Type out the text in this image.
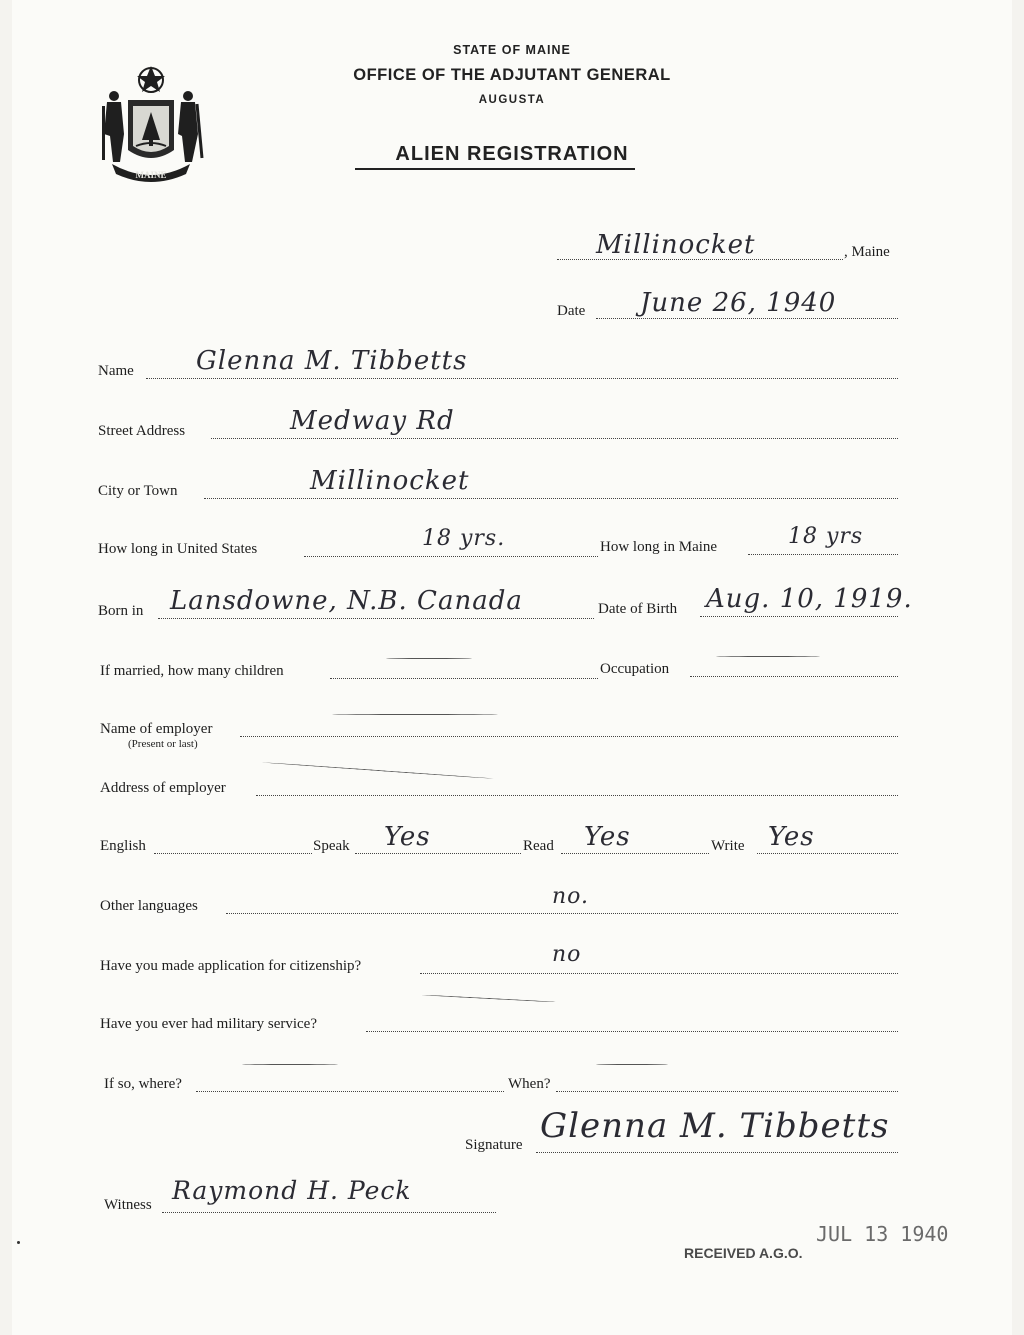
STATE OF MAINE
OFFICE OF THE ADJUTANT GENERAL
AUGUSTA
ALIEN REGISTRATION
MAINE
Millinocket	, Maine
Date June 26, 1940
Name Glenna M. Tibbetts
Street Address	Medway Rd
City or Town	Millinocket
How long in United States	18 yrs.	How long in Maine	18 yrs
Born in Lansdowne, N.B. Canada	Date of Birth Aug. 10, 1919.
If married, how many children	Occupation
Name of employer
(Present or last)
Address of employer
English	Speak Yes	Read Yes	Write Yes
Other languages	no.
Have you made application for citizenship?	no
Have you ever had military service?
If so, where?	When?
Signature Glenna M. Tibbetts
Witness Raymond H. Peck
RECEIVED A.G.O.
JUL 13 1940
